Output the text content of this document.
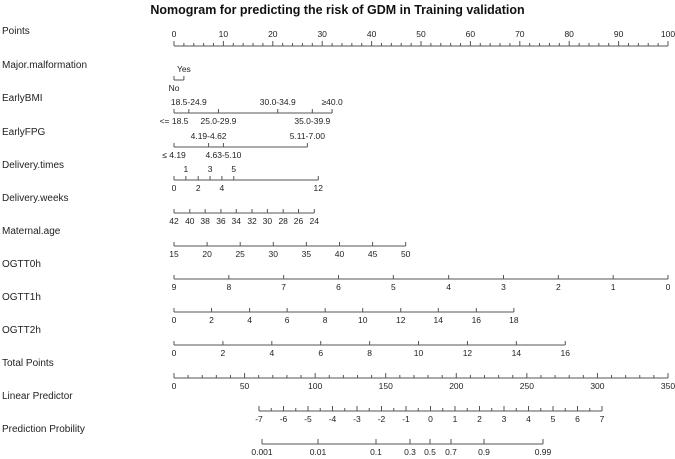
Nomogram for predicting the risk of GDM in Training validation
Points
Major.malformation
EarlyBMI
EarlyFPG
Delivery.times
Delivery.weeks
Maternal.age
OGTT0h
OGTT1h
OGTT2h
Total Points
Linear Predictor
Prediction Probility
0	10	20	30	40	50	60	70	80	90	100
No
Yes
<= 18.5
18.5-24.9
25.0-29.9
30.0-34.9
35.0-39.9
≥40.0
≤ 4.19
4.19-4.62
4.63-5.10
5.11-7.00
0
1
2
3
4
5
12
42 40 38 36 34 32 30 28 26 24
15	20	25	30	35	40	45	50
9	8	7	6	5	4	3	2	1	0
0	2	4	6	8	10	12	14	16	18
0	2	4	6	8	10	12	14	16
0	50	100	150	200	250	300	350
-7 -6 -5 -4 -3 -2 -1 0 1 2 3 4 5 6 7
0.001	0.01	0.1	0.3 0.5 0.7 0.9	0.99
